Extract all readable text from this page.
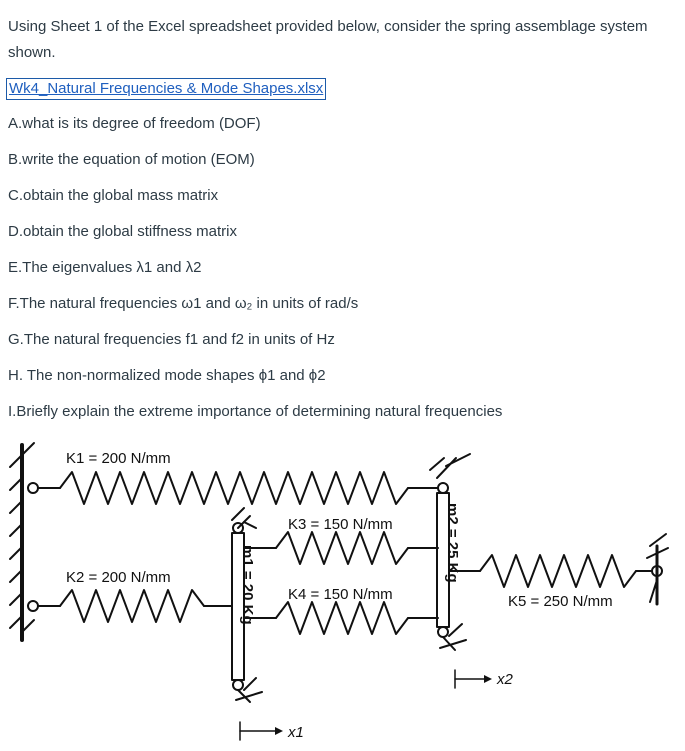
Using Sheet 1 of the Excel spreadsheet provided below, consider the spring assemblage system shown.
Wk4_Natural Frequencies & Mode Shapes.xlsx
A.what is its degree of freedom (DOF)
B.write the equation of motion (EOM)
C.obtain the global mass matrix
D.obtain the global stiffness matrix
E.The eigenvalues λ1 and λ2
F.The natural frequencies ω1 and ω₂ in units of rad/s
G.The natural frequencies f1 and f2 in units of Hz
H. The non-normalized mode shapes ϕ1 and ϕ2
I.Briefly explain the extreme importance of determining natural frequencies
K1 = 200 N/mm
K2 = 200 N/mm
K3 = 150 N/mm
K4 = 150 N/mm	K5 = 250 N/mm
m1 = 20 Kg
m2 = 25 Kg
x1
x2
